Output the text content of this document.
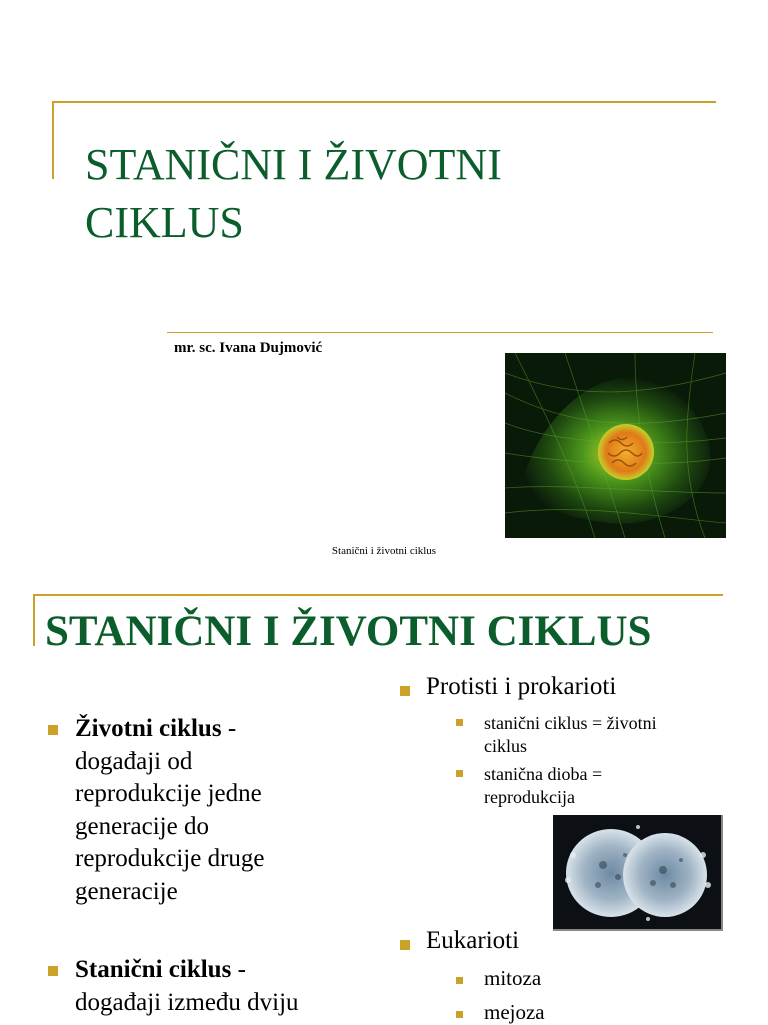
STANIČNI I ŽIVOTNI
CIKLUS
mr. sc. Ivana Dujmović
Stanični i životni ciklus
STANIČNI I ŽIVOTNI CIKLUS
Životni ciklus -
događaji od
reprodukcije jedne
generacije do
reprodukcije druge
generacije
Stanični ciklus -
događaji između dviju
Protisti i prokarioti
stanični ciklus = životni
ciklus
stanična dioba =
reprodukcija
Eukarioti
mitoza
mejoza
